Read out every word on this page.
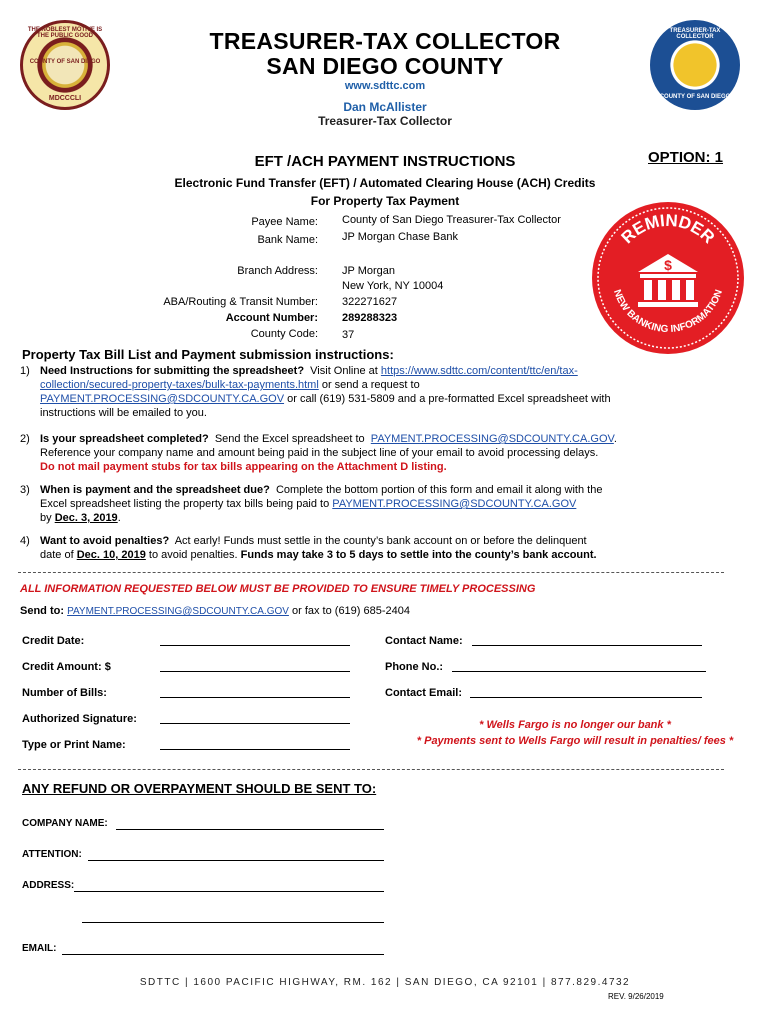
THE NOBLEST MOTIVE IS THE PUBLIC GOOD
COUNTY OF SAN DIEGO
MDCCCLI
TREASURER-TAX COLLECTOR
COUNTY OF SAN DIEGO
TREASURER-TAX COLLECTOR
SAN DIEGO COUNTY
www.sdttc.com
Dan McAllister
Treasurer-Tax Collector
EFT /ACH PAYMENT INSTRUCTIONS	OPTION: 1
Electronic Fund Transfer (EFT) / Automated Clearing House (ACH) Credits
For Property Tax Payment
Payee Name: County of San Diego Treasurer-Tax Collector
Bank Name: JP Morgan Chase Bank
Branch Address: JP Morgan
New York, NY 10004
ABA/Routing & Transit Number: 322271627
Account Number: 289288323
County Code: 37
REMINDER
NEW BANKING INFORMATION
$
Property Tax Bill List and Payment submission instructions:
1) Need Instructions for submitting the spreadsheet? Visit Online at https://www.sdttc.com/content/ttc/en/tax-
collection/secured-property-taxes/bulk-tax-payments.html or send a request to
PAYMENT.PROCESSING@SDCOUNTY.CA.GOV or call (619) 531-5809 and a pre-formatted Excel spreadsheet with
instructions will be emailed to you.
2) Is your spreadsheet completed? Send the Excel spreadsheet to PAYMENT.PROCESSING@SDCOUNTY.CA.GOV.
Reference your company name and amount being paid in the subject line of your email to avoid processing delays.
Do not mail payment stubs for tax bills appearing on the Attachment D listing.
3) When is payment and the spreadsheet due? Complete the bottom portion of this form and email it along with the
Excel spreadsheet listing the property tax bills being paid to PAYMENT.PROCESSING@SDCOUNTY.CA.GOV
by Dec. 3, 2019.
4) Want to avoid penalties? Act early! Funds must settle in the county’s bank account on or before the delinquent
date of Dec. 10, 2019 to avoid penalties. Funds may take 3 to 5 days to settle into the county’s bank account.
ALL INFORMATION REQUESTED BELOW MUST BE PROVIDED TO ENSURE TIMELY PROCESSING
Send to: PAYMENT.PROCESSING@SDCOUNTY.CA.GOV or fax to (619) 685-2404
Credit Date:
Credit Amount: $
Number of Bills:
Authorized Signature:
Type or Print Name:
Contact Name:
Phone No.:
Contact Email:
* Wells Fargo is no longer our bank *
* Payments sent to Wells Fargo will result in penalties/ fees *
ANY REFUND OR OVERPAYMENT SHOULD BE SENT TO:
COMPANY NAME:
ATTENTION:
ADDRESS:
EMAIL:
SDTTC | 1600 PACIFIC HIGHWAY, RM. 162 | SAN DIEGO, CA 92101 | 877.829.4732
REV. 9/26/2019
